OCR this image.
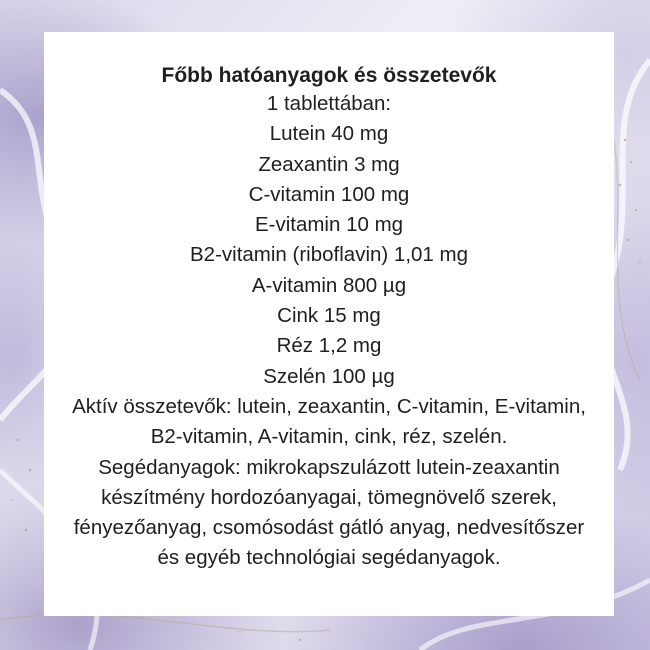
Főbb hatóanyagok és összetevők

1 tablettában:

Lutein 40 mg

Zeaxantin 3 mg

C-vitamin 100 mg

E-vitamin 10 mg

B2-vitamin (riboflavin) 1,01 mg

A-vitamin 800 µg

Cink 15 mg

Réz 1,2 mg

Szelén 100 µg

Aktív összetevők: lutein, zeaxantin, C-vitamin, E-vitamin, B2-vitamin, A-vitamin, cink, réz, szelén.

Segédanyagok: mikrokapszulázott lutein-zeaxantin készítmény hordozóanyagai, tömegnövelő szerek, fényezőanyag, csomósodást gátló anyag, nedvesítőszer és egyéb technológiai segédanyagok.
